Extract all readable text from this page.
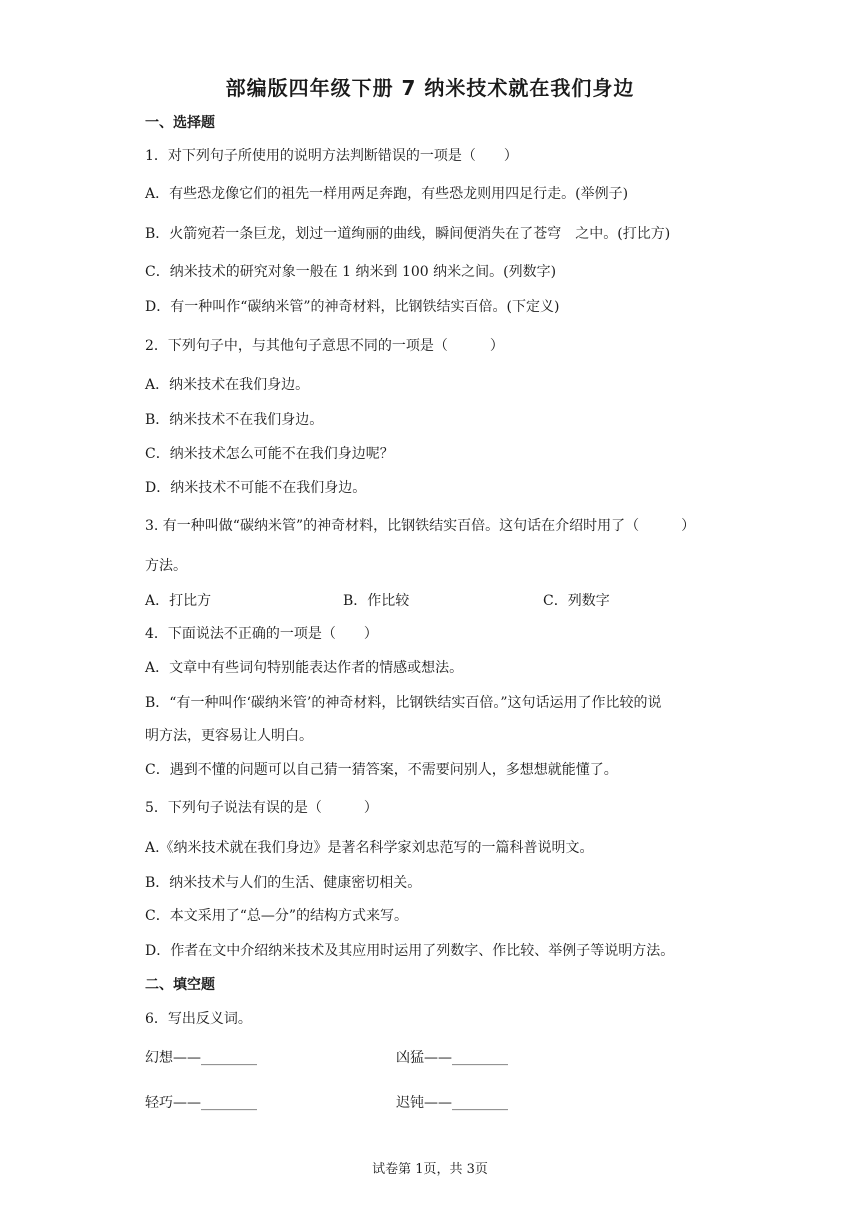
部编版四年级下册 7 纳米技术就在我们身边
一、选择题
1．对下列句子所使用的说明方法判断错误的一项是（　　）
A．有些恐龙像它们的祖先一样用两足奔跑，有些恐龙则用四足行走。(举例子)
B．火箭宛若一条巨龙，划过一道绚丽的曲线，瞬间便消失在了苍穹　之中。(打比方)
C．纳米技术的研究对象一般在 1 纳米到 100 纳米之间。(列数字)
D．有一种叫作“碳纳米管”的神奇材料，比钢铁结实百倍。(下定义)
2．下列句子中，与其他句子意思不同的一项是（　　　）
A．纳米技术在我们身边。
B．纳米技术不在我们身边。
C．纳米技术怎么可能不在我们身边呢？
D．纳米技术不可能不在我们身边。
3. 有一种叫做“碳纳米管”的神奇材料，比钢铁结实百倍。这句话在介绍时用了（　　　）
方法。
A．打比方	B．作比较	C．列数字
4．下面说法不正确的一项是（　　）
A．文章中有些词句特别能表达作者的情感或想法。
B．“有一种叫作‘碳纳米管’的神奇材料，比钢铁结实百倍。”这句话运用了作比较的说
明方法，更容易让人明白。
C．遇到不懂的问题可以自己猜一猜答案，不需要问别人，多想想就能懂了。
5．下列句子说法有误的是（　　　）
A.《纳米技术就在我们身边》是著名科学家刘忠范写的一篇科普说明文。
B．纳米技术与人们的生活、健康密切相关。
C．本文采用了“总—分”的结构方式来写。
D．作者在文中介绍纳米技术及其应用时运用了列数字、作比较、举例子等说明方法。
二、填空题
6．写出反义词。
幻想——________	凶猛——________
轻巧——________	迟钝——________
试卷第 1页，共 3页
